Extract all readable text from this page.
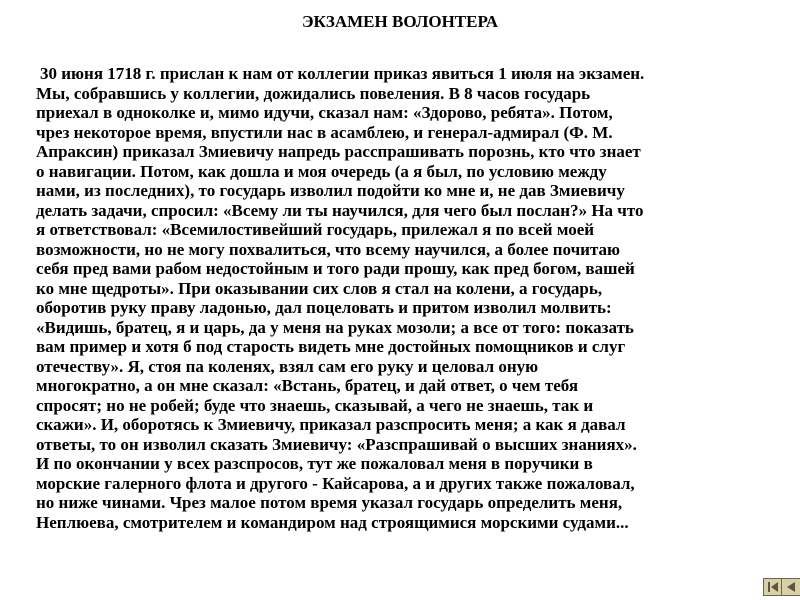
ЭКЗАМЕН ВОЛОНТЕРА
30 июня 1718 г. прислан к нам от коллегии приказ явиться 1 июля на экзамен.
Мы, собравшись у коллегии, дожидались повеления. В 8 часов государь
приехал в одноколке и, мимо идучи, сказал нам: «Здорово, ребята». Потом,
чрез некоторое время, впустили нас в асамблею, и генерал-адмирал (Ф. М.
Апраксин) приказал Змиевичу напредь расспрашивать порознь, кто что знает
о навигации. Потом, как дошла и моя очередь (а я был, по условию между
нами, из последних), то государь изволил подойти ко мне и, не дав Змиевичу
делать задачи, спросил: «Всему ли ты научился, для чего был послан?» На что
я ответствовал: «Всемилостивейший государь, прилежал я по всей моей
возможности, но не могу похвалиться, что всему научился, а более почитаю
себя пред вами рабом недостойным и того ради прошу, как пред богом, вашей
ко мне щедроты». При оказывании сих слов я стал на колени, а государь,
оборотив руку праву ладонью, дал поцеловать и притом изволил молвить:
«Видишь, братец, я и царь, да у меня на руках мозоли; а все от того: показать
вам пример и хотя б под старость видеть мне достойных помощников и слуг
отечеству». Я, стоя па коленях, взял сам его руку и целовал оную
многократно, а он мне сказал: «Встань, братец, и дай ответ, о чем тебя
спросят; но не робей; буде что знаешь, сказывай, а чего не знаешь, так и
скажи». И, оборотясь к Змиевичу, приказал разспросить меня; а как я давал
ответы, то он изволил сказать Змиевичу: «Разспрашивай о высших знаниях».
И по окончании у всех разспросов, тут же пожаловал меня в поручики в
морские галерного флота и другого - Кайсарова, а и других также пожаловал,
но ниже чинами. Чрез малое потом время указал государь определить меня,
Неплюева, смотрителем и командиром над строящимися морскими судами...
